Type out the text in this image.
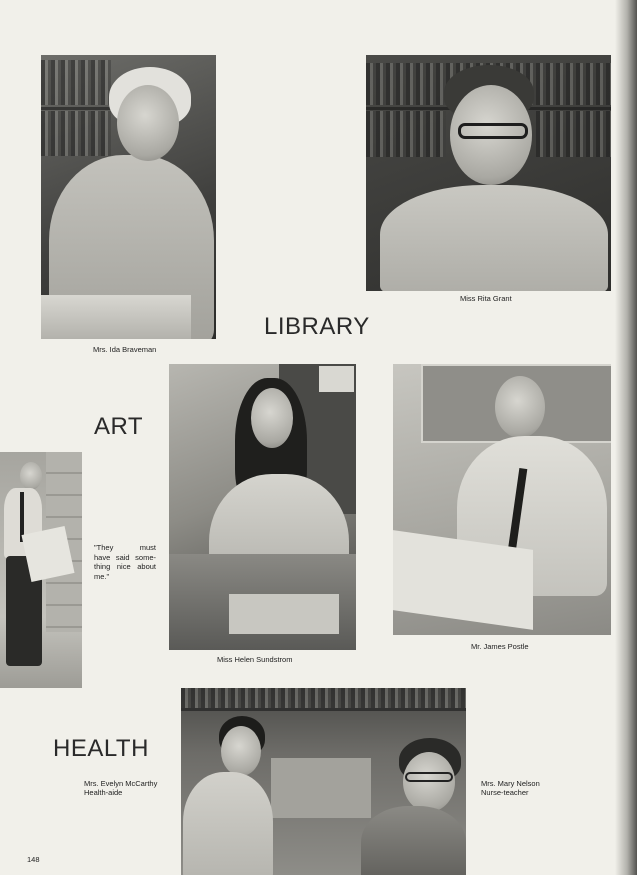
Mrs. Ida Braveman
Miss Rita Grant
LIBRARY
ART
"They must
have said some-
thing nice about
me."
Miss Helen Sundstrom
Mr. James Postle
HEALTH
Mrs. Evelyn McCarthy
Health-aide
Mrs. Mary Nelson
Nurse-teacher
148
